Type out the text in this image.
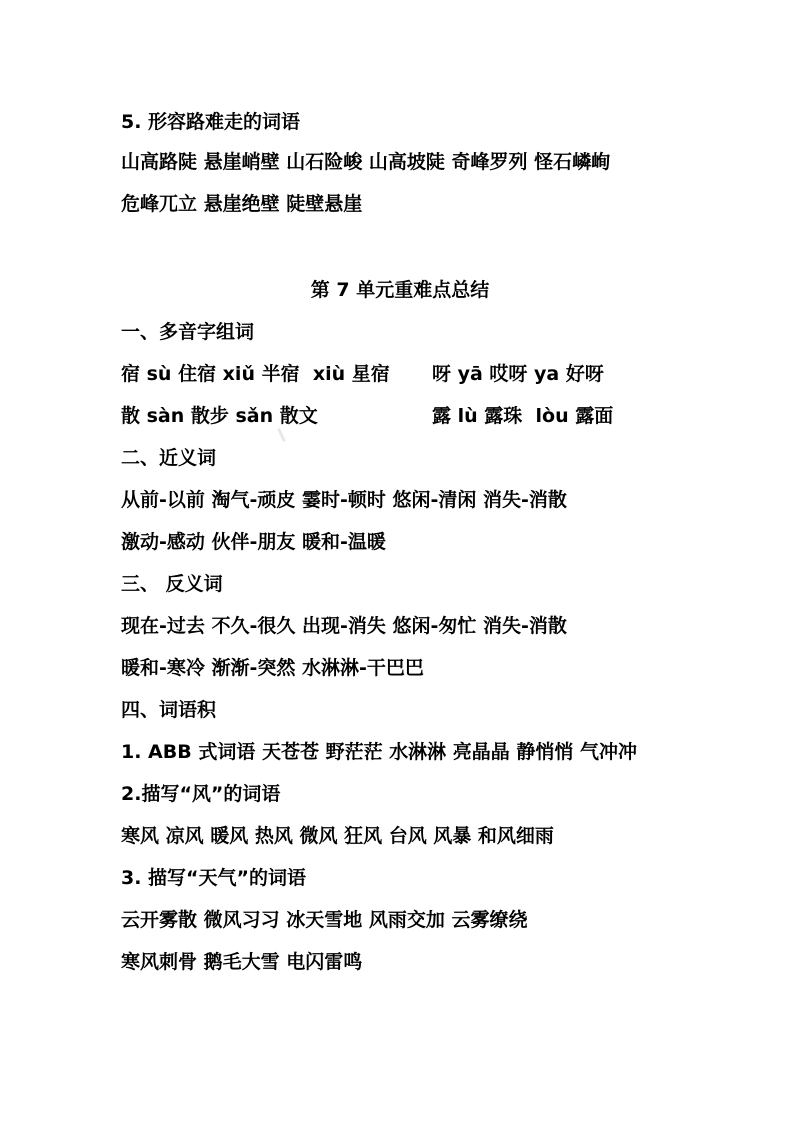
5. 形容路难走的词语
山高路陡 悬崖峭壁 山石险峻 山高坡陡 奇峰罗列 怪石嶙峋
危峰兀立 悬崖绝壁 陡壁悬崖
第 7 单元重难点总结
一、多音字组词
宿 sù 住宿 xiǔ 半宿  xiù 星宿 呀 yā 哎呀 ya 好呀
散 sàn 散步 sǎn 散文	露 lù 露珠  lòu 露面
二、近义词
从前-以前 淘气-顽皮 霎时-顿时 悠闲-清闲 消失-消散
激动-感动 伙伴-朋友 暖和-温暖
三、 反义词
现在-过去 不久-很久 出现-消失 悠闲-匆忙 消失-消散
暖和-寒冷 渐渐-突然 水淋淋-干巴巴
四、词语积
1. ABB 式词语 天苍苍 野茫茫 水淋淋 亮晶晶 静悄悄 气冲冲
2.描写“风”的词语
寒风 凉风 暖风 热风 微风 狂风 台风 风暴 和风细雨
3. 描写“天气”的词语
云开雾散 微风习习 冰天雪地 风雨交加 云雾缭绕
寒风刺骨 鹅毛大雪 电闪雷鸣
